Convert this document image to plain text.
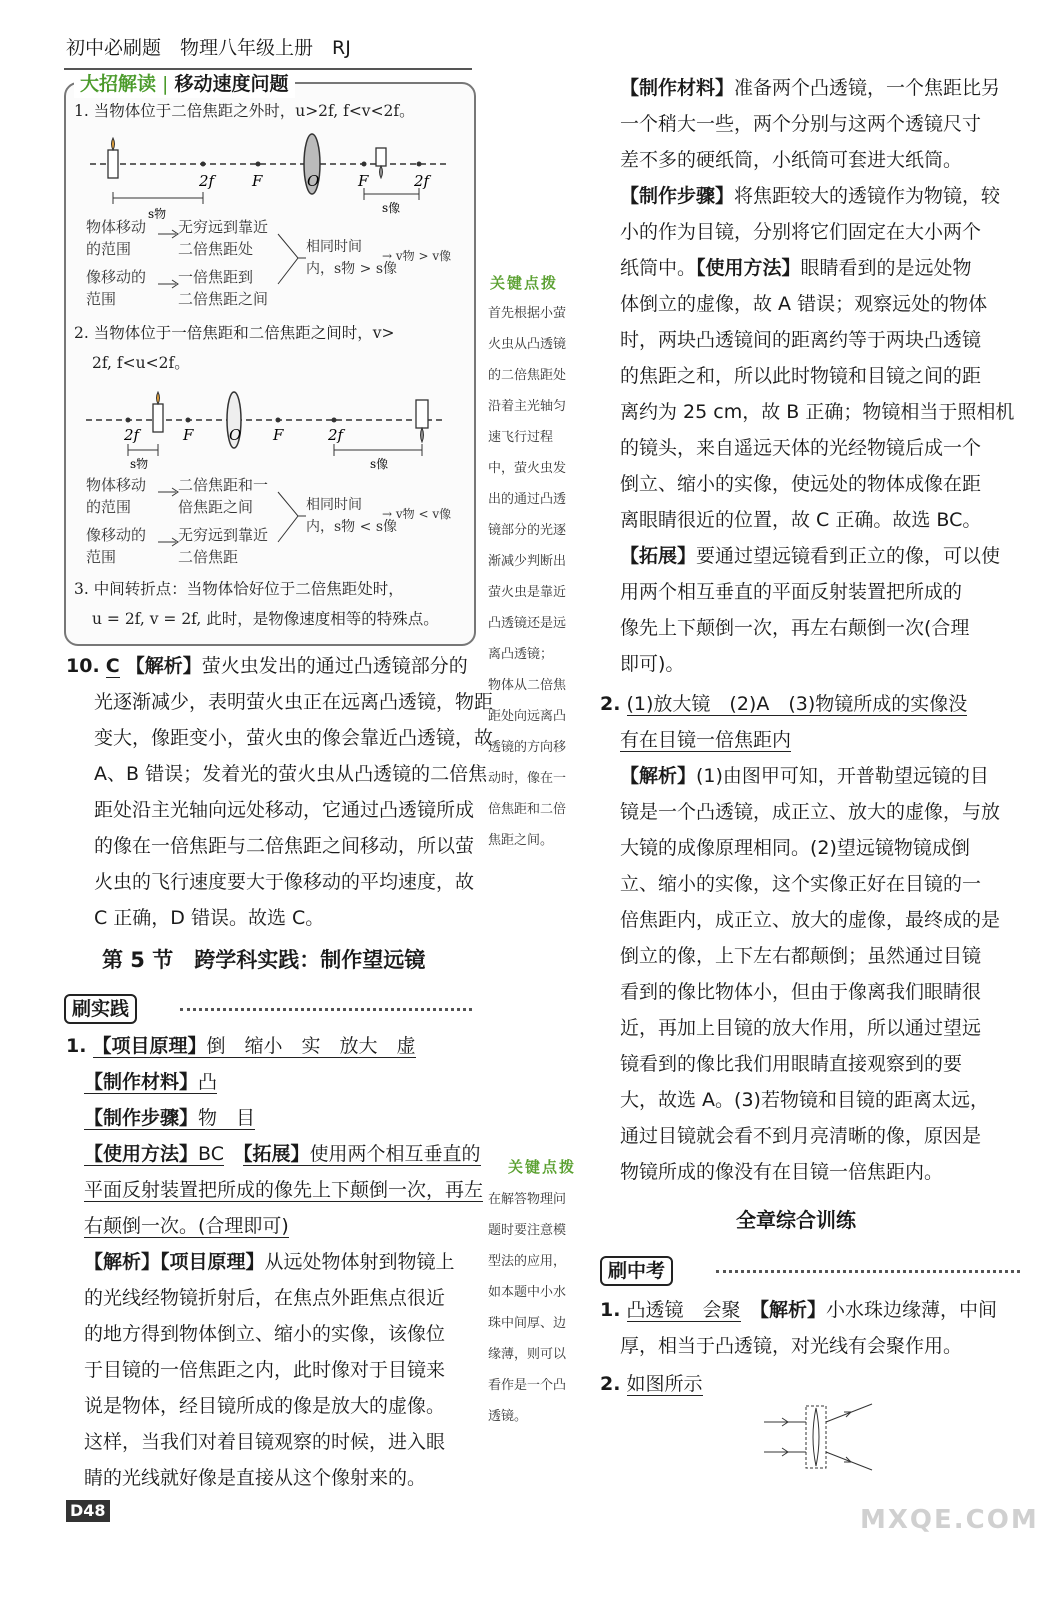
初中必刷题　物理八年级上册　RJ
大招解读 | 移动速度问题
1. 当物体位于二倍焦距之外时，u>2f, f<v<2f。
2f	F	O	F	2f
s物	s像
物体移动
的范围
无穷远到靠近
二倍焦距处
像移动的
范围
一倍焦距到
二倍焦距之间
相同时间
内，s物 > s像
→ v物 > v像
2. 当物体位于一倍焦距和二倍焦距之间时，v>
2f, f<u<2f。
2f	F O F	2f
s物	s像
物体移动
的范围
二倍焦距和一
倍焦距之间
像移动的
范围
无穷远到靠近
二倍焦距
相同时间
内，s物 < s像
→ v物 < v像
3. 中间转折点：当物体恰好位于二倍焦距处时，
u = 2f, v = 2f, 此时，是物像速度相等的特殊点。
关键点拨
首先根据小萤
火虫从凸透镜
的二倍焦距处
沿着主光轴匀
速飞行过程
中，萤火虫发
出的通过凸透
镜部分的光逐
渐减少判断出
萤火虫是靠近
凸透镜还是远
离凸透镜；
物体从二倍焦
距处向远离凸
透镜的方向移
动时，像在一
倍焦距和二倍
焦距之间。
10. C 【解析】萤火虫发出的通过凸透镜部分的
光逐渐减少，表明萤火虫正在远离凸透镜，物距
变大，像距变小，萤火虫的像会靠近凸透镜，故
A、B 错误；发着光的萤火虫从凸透镜的二倍焦
距处沿主光轴向远处移动，它通过凸透镜所成
的像在一倍焦距与二倍焦距之间移动，所以萤
火虫的飞行速度要大于像移动的平均速度，故
C 正确，D 错误。故选 C。
第 5 节　跨学科实践：制作望远镜
刷实践
1. 【项目原理】倒　缩小　实　放大　虚
【制作材料】凸
【制作步骤】物　目
【使用方法】BC　 【拓展】使用两个相互垂直的
平面反射装置把所成的像先上下颠倒一次，再左
右颠倒一次。(合理即可)
【解析】【项目原理】从远处物体射到物镜上
的光线经物镜折射后，在焦点外距焦点很近
的地方得到物体倒立、缩小的实像，该像位
于目镜的一倍焦距之内，此时像对于目镜来
说是物体，经目镜所成的像是放大的虚像。
这样，当我们对着目镜观察的时候，进入眼
睛的光线就好像是直接从这个像射来的。
关键点拨
在解答物理问
题时要注意模
型法的应用，
如本题中小水
珠中间厚、边
缘薄，则可以
看作是一个凸
透镜。
D48
【制作材料】准备两个凸透镜，一个焦距比另
一个稍大一些，两个分别与这两个透镜尺寸
差不多的硬纸筒，小纸筒可套进大纸筒。
【制作步骤】将焦距较大的透镜作为物镜，较
小的作为目镜，分别将它们固定在大小两个
纸筒中。【使用方法】眼睛看到的是远处物
体倒立的虚像，故 A 错误；观察远处的物体
时，两块凸透镜间的距离约等于两块凸透镜
的焦距之和，所以此时物镜和目镜之间的距
离约为 25 cm，故 B 正确；物镜相当于照相机
的镜头，来自遥远天体的光经物镜后成一个
倒立、缩小的实像，使远处的物体成像在距
离眼睛很近的位置，故 C 正确。故选 BC。
【拓展】要通过望远镜看到正立的像，可以使
用两个相互垂直的平面反射装置把所成的
像先上下颠倒一次，再左右颠倒一次(合理
即可)。
2. (1)放大镜　(2)A　(3)物镜所成的实像没
有在目镜一倍焦距内
【解析】(1)由图甲可知，开普勒望远镜的目
镜是一个凸透镜，成正立、放大的虚像，与放
大镜的成像原理相同。(2)望远镜物镜成倒
立、缩小的实像，这个实像正好在目镜的一
倍焦距内，成正立、放大的虚像，最终成的是
倒立的像，上下左右都颠倒；虽然通过目镜
看到的像比物体小，但由于像离我们眼睛很
近，再加上目镜的放大作用，所以通过望远
镜看到的像比我们用眼睛直接观察到的要
大，故选 A。(3)若物镜和目镜的距离太远，
通过目镜就会看不到月亮清晰的像，原因是
物镜所成的像没有在目镜一倍焦距内。
全章综合训练
刷中考
1. 凸透镜　会聚　 【解析】小水珠边缘薄，中间
厚，相当于凸透镜，对光线有会聚作用。
2. 如图所示
MXQE.COM
